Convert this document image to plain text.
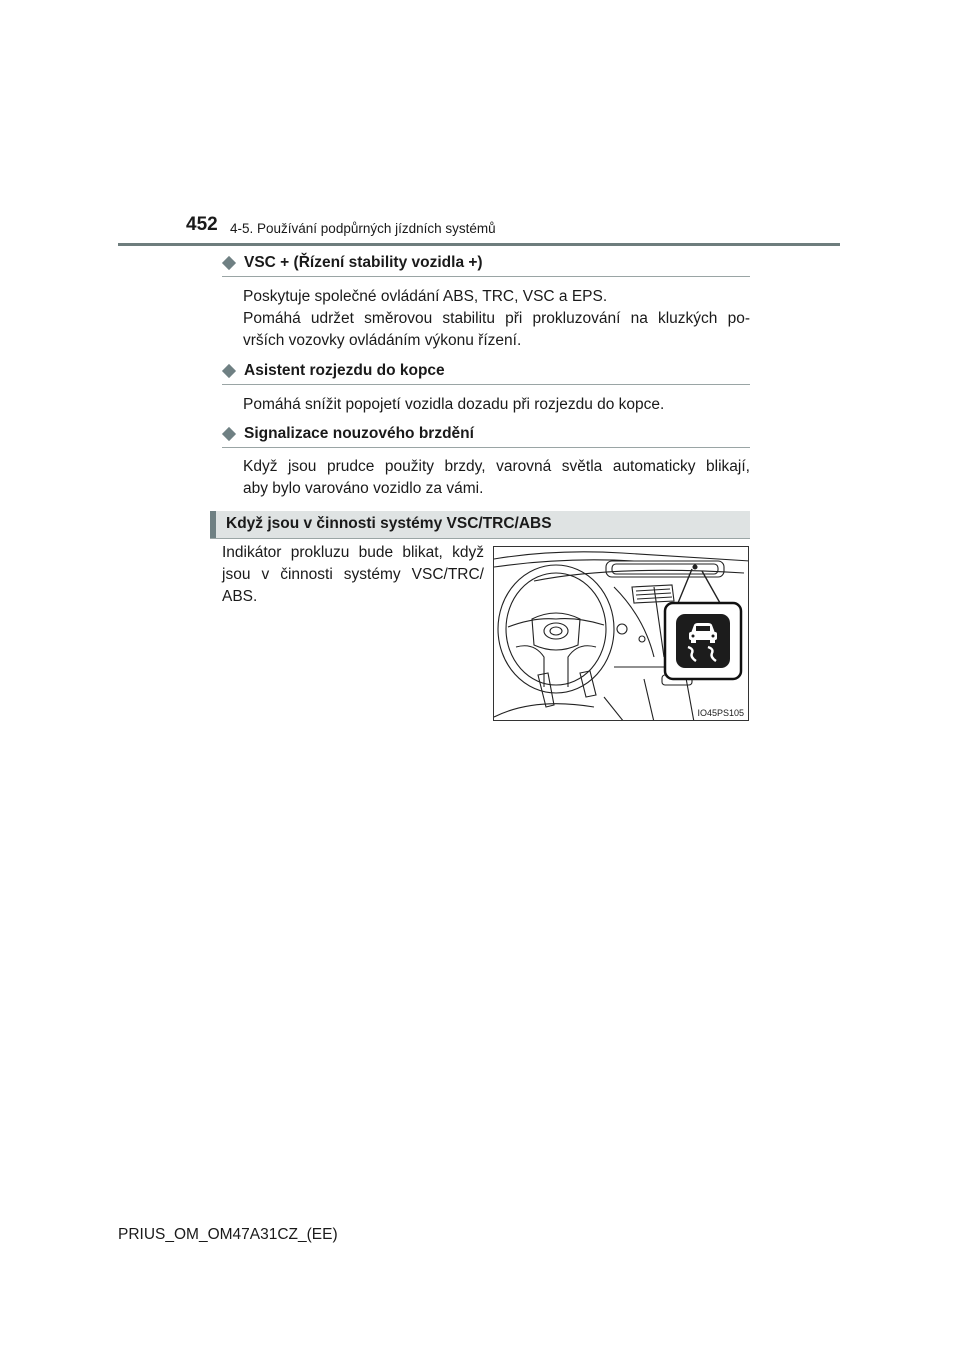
452 4-5. Používání podpůrných jízdních systémů
VSC + (Řízení stability vozidla +)

Poskytuje společné ovládání ABS, TRC, VSC a EPS.
Pomáhá udržet směrovou stabilitu při prokluzování na kluzkých po-
vrších vozovky ovládáním výkonu řízení.

Asistent rozjezdu do kopce

Pomáhá snížit popojetí vozidla dozadu při rozjezdu do kopce.

Signalizace nouzového brzdění

Když jsou prudce použity brzdy, varovná světla automaticky blikají,
aby bylo varováno vozidlo za vámi.

Když jsou v činnosti systémy VSC/TRC/ABS

Indikátor prokluzu bude blikat, když
jsou v činnosti systémy VSC/TRC/
ABS.

IO45PS105
PRIUS_OM_OM47A31CZ_(EE)
